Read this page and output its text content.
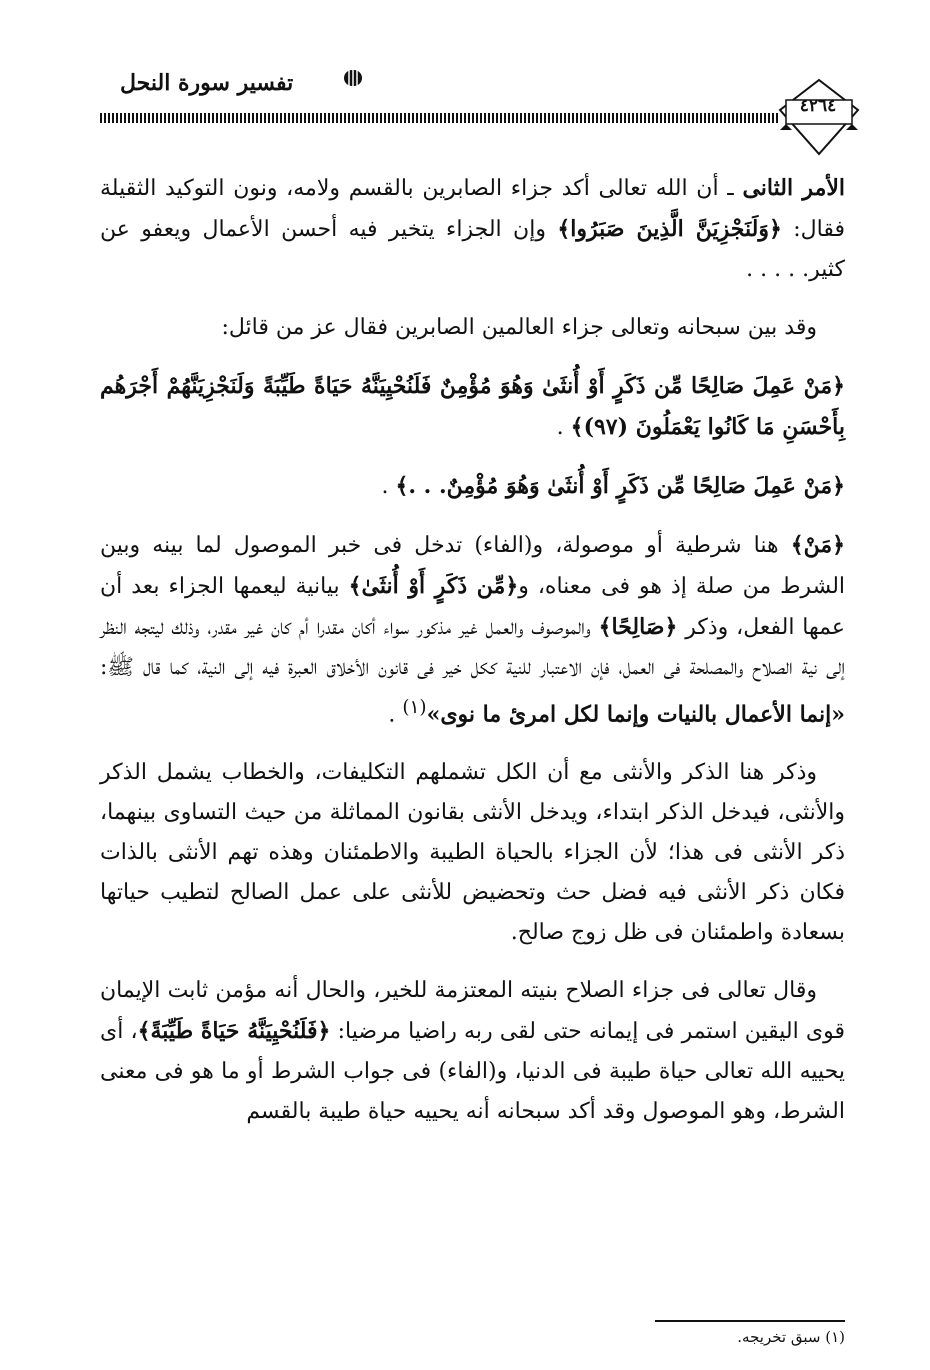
تفسير سورة النحل
٤٢٦٤

الأمر الثانى ـ أن الله تعالى أكد جزاء الصابرين بالقسم ولامه، ونون التوكيد الثقيلة فقال: ﴿وَلَنَجْزِيَنَّ الَّذِينَ صَبَرُوا﴾ وإن الجزاء يتخير فيه أحسن الأعمال ويعفو عن كثير. . . . .

وقد بين سبحانه وتعالى جزاء العالمين الصابرين فقال عز من قائل:

﴿مَنْ عَمِلَ صَالِحًا مِّن ذَكَرٍ أَوْ أُنثَىٰ وَهُوَ مُؤْمِنٌ فَلَنُحْيِيَنَّهُ حَيَاةً طَيِّبَةً وَلَنَجْزِيَنَّهُمْ أَجْرَهُم بِأَحْسَنِ مَا كَانُوا يَعْمَلُونَ (٩٧)﴾ .

﴿مَنْ عَمِلَ صَالِحًا مِّن ذَكَرٍ أَوْ أُنثَىٰ وَهُوَ مُؤْمِنٌ. . .﴾ .

﴿مَنْ﴾ هنا شرطية أو موصولة، و(الفاء) تدخل فى خبر الموصول لما بينه وبين الشرط من صلة إذ هو فى معناه، و﴿مِّن ذَكَرٍ أَوْ أُنثَىٰ﴾ بيانية ليعمها الجزاء بعد أن عمها الفعل، وذكر ﴿صَالِحًا﴾ والموصوف والعمل غير مذكور سواء أكان مقدرا أم كان غير مقدر، وذلك ليتجه النظر إلى نية الصلاح والمصلحة فى العمل، فإن الاعتبار للنية ككل خير فى قانون الأخلاق العبرة فيه إلى النية، كما قال ﷺ: «إنما الأعمال بالنيات وإنما لكل امرئ ما نوى»$^{(١)}$ .

وذكر هنا الذكر والأنثى مع أن الكل تشملهم التكليفات، والخطاب يشمل الذكر والأنثى، فيدخل الذكر ابتداء، ويدخل الأنثى بقانون المماثلة من حيث التساوى بينهما، ذكر الأنثى فى هذا؛ لأن الجزاء بالحياة الطيبة والاطمئنان وهذه تهم الأنثى بالذات فكان ذكر الأنثى فيه فضل حث وتحضيض للأنثى على عمل الصالح لتطيب حياتها بسعادة واطمئنان فى ظل زوج صالح.

وقال تعالى فى جزاء الصلاح بنيته المعتزمة للخير، والحال أنه مؤمن ثابت الإيمان قوى اليقين استمر فى إيمانه حتى لقى ربه راضيا مرضيا: ﴿فَلَنُحْيِيَنَّهُ حَيَاةً طَيِّبَةً﴾، أى يحييه الله تعالى حياة طيبة فى الدنيا، و(الفاء) فى جواب الشرط أو ما هو فى معنى الشرط، وهو الموصول وقد أكد سبحانه أنه يحييه حياة طيبة بالقسم

(١) سبق تخريجه.
